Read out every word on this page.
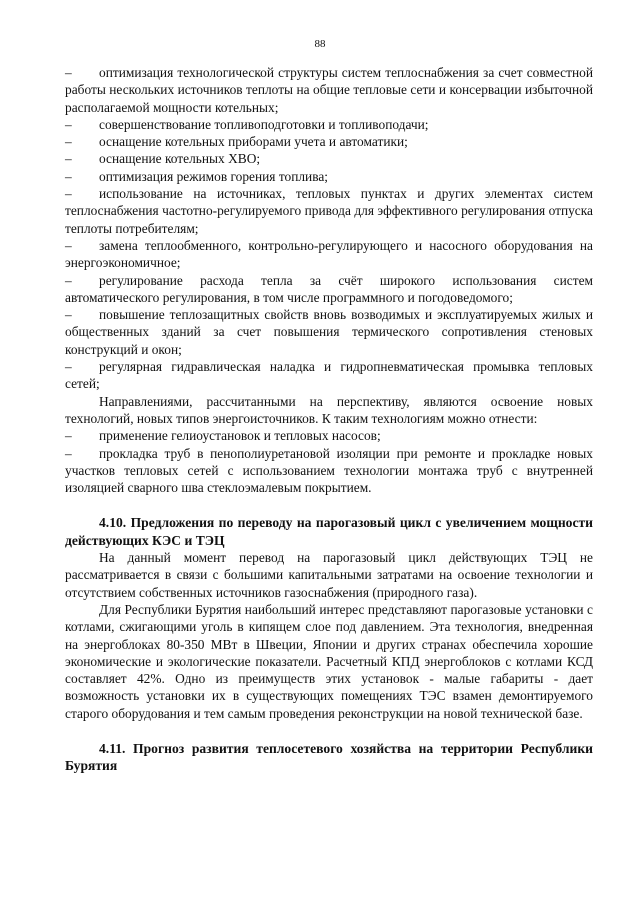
88
– оптимизация технологической структуры систем теплоснабжения за счет совместной работы нескольких источников теплоты на общие тепловые сети и консервации избыточной располагаемой мощности котельных;
– совершенствование топливоподготовки и топливоподачи;
– оснащение котельных приборами учета и автоматики;
– оснащение котельных ХВО;
– оптимизация режимов горения топлива;
– использование на источниках, тепловых пунктах и других элементах систем теплоснабжения частотно-регулируемого привода для эффективного регулирования отпуска теплоты потребителям;
– замена теплообменного, контрольно-регулирующего и насосного оборудования на энергоэкономичное;
– регулирование расхода тепла за счёт широкого использования систем автоматического регулирования, в том числе программного и погодоведомого;
– повышение теплозащитных свойств вновь возводимых и эксплуатируемых жилых и общественных зданий за счет повышения термического сопротивления стеновых конструкций и окон;
– регулярная гидравлическая наладка и гидропневматическая промывка тепловых сетей;
Направлениями, рассчитанными на перспективу, являются освоение новых технологий, новых типов энергоисточников. К таким технологиям можно отнести:
– применение гелиоустановок и тепловых насосов;
– прокладка труб в пенополиуретановой изоляции при ремонте и прокладке новых участков тепловых сетей с использованием технологии монтажа труб с внутренней изоляцией сварного шва стеклоэмалевым покрытием.
4.10. Предложения по переводу на парогазовый цикл с увеличением мощности действующих КЭС и ТЭЦ
На данный момент перевод на парогазовый цикл действующих ТЭЦ не рассматривается в связи с большими капитальными затратами на освоение технологии и отсутствием собственных источников газоснабжения (природного газа).
Для Республики Бурятия наибольший интерес представляют парогазовые установки с котлами, сжигающими уголь в кипящем слое под давлением. Эта технология, внедренная на энергоблоках 80-350 МВт в Швеции, Японии и других странах обеспечила хорошие экономические и экологические показатели. Расчетный КПД энергоблоков с котлами КСД составляет 42%. Одно из преимуществ этих установок - малые габариты - дает возможность установки их в существующих помещениях ТЭС взамен демонтируемого старого оборудования и тем самым проведения реконструкции на новой технической базе.
4.11. Прогноз развития теплосетевого хозяйства на территории Республики Бурятия
